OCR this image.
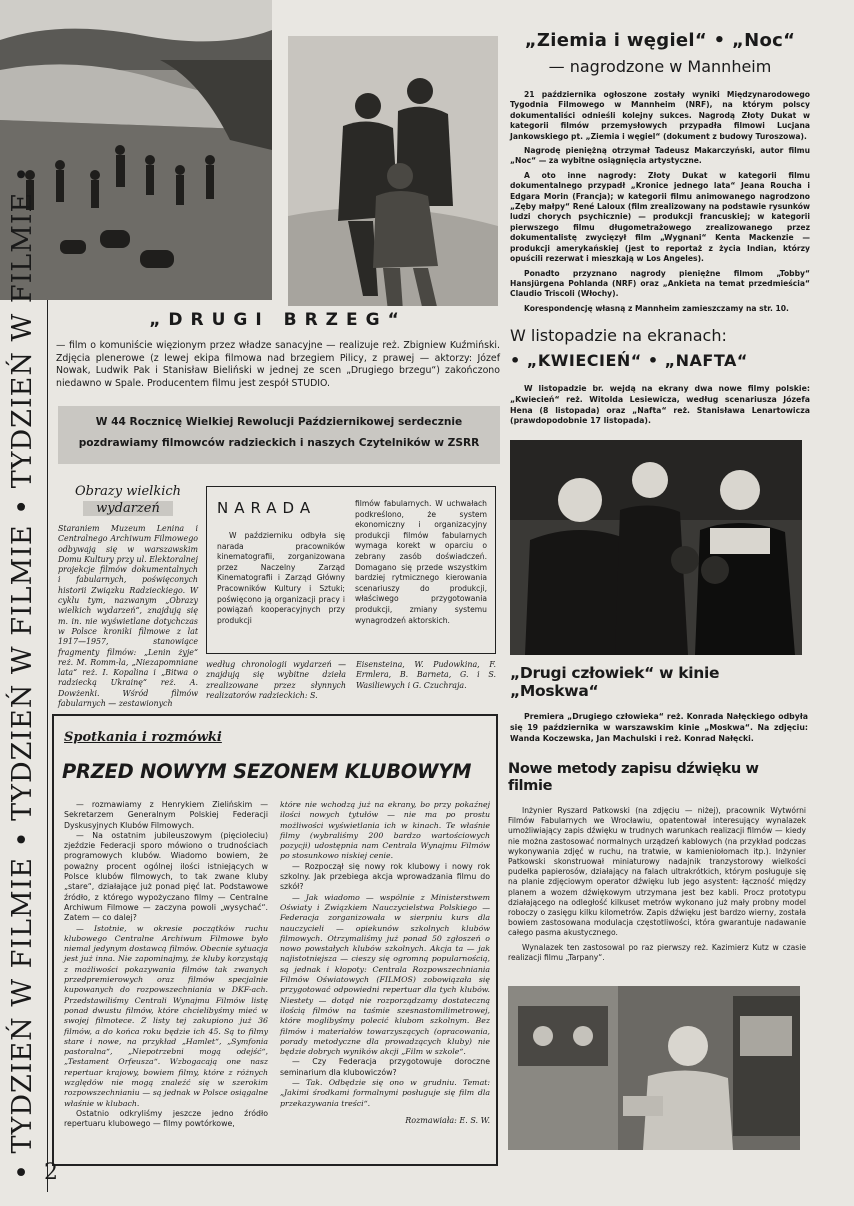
„Ziemia i węgiel“ • „Noc“
— nagrodzone w Mannheim

21 października ogłoszone zostały wyniki Międzynarodowego Tygodnia Filmowego w Mannheim (NRF), na którym polscy dokumentaliści odnieśli kolejny sukces. Nagrodą Złoty Dukat w kategorii filmów przemysłowych przypadła filmowi Lucjana Jankowskiego pt. „Ziemia i węgiel“ (dokument z budowy Turoszowa).

Nagrodę pieniężną otrzymał Tadeusz Makarczyński, autor filmu „Noc“ — za wybitne osiągnięcia artystyczne.

A oto inne nagrody: Złoty Dukat w kategorii filmu dokumentalnego przypadł „Kronice jednego lata“ Jeana Roucha i Edgara Morin (Francja); w kategorii filmu animowanego nagrodzono „Zęby małpy“ René Laloux (film zrealizowany na podstawie rysunków ludzi chorych psychicznie) — produkcji francuskiej; w kategorii pierwszego filmu długometrażowego zrealizowanego przez dokumentalistę zwycięzył film „Wygnani“ Kenta Mackenzie — produkcji amerykańskiej (jest to reportaż z życia Indian, którzy opuścili rezerwat i mieszkają w Los Angeles).

Ponadto przyznano nagrody pieniężne filmom „Tobby“ Hansjürgena Pohlanda (NRF) oraz „Ankieta na temat przedmieścia“ Claudio Triscoli (Włochy).

Korespondencję własną z Mannheim zamieszczamy na str. 10.

• TYDZIEŃ W FILMIE • TYDZIEŃ W FILMIE • TYDZIEŃ W FILMIE •	„DRUGI BRZEG“

— film o komuniście więzionym przez władze sanacyjne — realizuje reż. Zbigniew Kuźmiński. Zdjęcia plenerowe (z lewej ekipa filmowa nad brzegiem Pilicy, z prawej — aktorzy: Józef Nowak, Ludwik Pak i Stanisław Bieliński w jednej ze scen „Drugiego brzegu“) zakończono niedawno w Spale. Producentem filmu jest zespół STUDIO.

W 44 Rocznicę Wielkiej Rewolucji Październikowej serdecznie pozdrawiamy filmowców radzieckich i naszych Czytelników w ZSRR

Obrazy wielkich
wydarzeń

Staraniem Muzeum Lenina i Centralnego Archiwum Filmowego odbywają się w warszawskim Domu Kultury przy ul. Elektoralnej projekcje filmów dokumentalnych i fabularnych, poświęconych historii Związku Radzieckiego. W cyklu tym, nazwanym „Obrazy wielkich wydarzeń“, znajdują się m. in. nie wyświetlane dotychczas w Polsce kroniki filmowe z lat 1917—1957, stanowiące fragmenty filmów: „Lenin żyje“ reż. M. Romm-la, „Niezapomniane lata“ reż. I. Kopalina i „Bitwa o radziecką Ukrainę“ reż. A. Dowżenki. Wśród filmów fabularnych — zestawionych

NARADA

W październiku odbyła się narada pracowników kinematografii, zorganizowana przez Naczelny Zarząd Kinematografii i Zarząd Główny Pracowników Kultury i Sztuki; poświęcono ją organizacji pracy i powiązań kooperacyjnych przy produkcji

filmów fabularnych. W uchwałach podkreślono, że system ekonomiczny i organizacyjny produkcji filmów fabularnych wymaga korekt w oparciu o zebrany zasób doświadczeń. Domagano się przede wszystkim bardziej rytmicznego kierowania scenariuszy do produkcji, właściwego przygotowania produkcji, zmiany systemu wynagrodzeń aktorskich.

według chronologii wydarzeń — znajdują się wybitne dzieła zrealizowane przez słynnych realizatorów radzieckich: S.

Eisensteina, W. Pudowkina, F. Ermlera, B. Barneta, G. i S. Wasiliewych i G. Czuchraja.

Spotkania i rozmówki
PRZED NOWYM SEZONEM KLUBOWYM

— rozmawiamy z Henrykiem Zielińskim — Sekretarzem Generalnym Polskiej Federacji Dyskusyjnych Klubów Filmowych.

— Na ostatnim jubileuszowym (pięcioleciu) zjeździe Federacji sporo mówiono o trudnościach programowych klubów. Wiadomo bowiem, że poważny procent ogólnej ilości istniejących w Polsce klubów filmowych, to tak zwane kluby „stare“, działające już ponad pięć lat. Podstawowe źródło, z którego wypożyczano filmy — Centralne Archiwum Filmowe — zaczyna powoli „wysychać“. Zatem — co dalej?

— Istotnie, w okresie początków ruchu klubowego Centralne Archiwum Filmowe było niemal jedynym dostawcą filmów. Obecnie sytuacja jest już inna. Nie zapominajmy, że kluby korzystają z możliwości pokazywania filmów tak zwanych przedpremierowych oraz filmów specjalnie kupowanych do rozpowszechniania w DKF-ach. Przedstawiliśmy Centrali Wynajmu Filmów listę ponad dwustu filmów, które chcielibyśmy mieć w swojej filmotece. Z listy tej zakupiono już 36 filmów, a do końca roku będzie ich 45. Są to filmy stare i nowe, na przykład „Hamlet“, „Symfonia pastoralna“, „Niepotrzebni mogą odejść“, „Testament Orfeusza“. Wzbogacają one nasz repertuar krajowy, bowiem filmy, które z różnych względów nie mogą znaleźć się w szerokim rozpowszechnianiu — są jednak w Polsce osiągalne właśnie w klubach.

Ostatnio odkryliśmy jeszcze jedno źródło repertuaru klubowego — filmy powtórkowe,

które nie wchodzą już na ekrany, bo przy pokaźnej ilości nowych tytułów — nie ma po prostu możliwości wyświetlania ich w kinach. Te właśnie filmy (wybraliśmy 200 bardzo wartościowych pozycji) udostępnia nam Centrala Wynajmu Filmów po stosunkowo niskiej cenie.

— Rozpoczął się nowy rok klubowy i nowy rok szkolny. Jak przebiega akcja wprowadzania filmu do szkół?

— Jak wiadomo — wspólnie z Ministerstwem Oświaty i Związkiem Nauczycielstwa Polskiego — Federacja zorganizowała w sierpniu kurs dla nauczycieli — opiekunów szkolnych klubów filmowych. Otrzymaliśmy już ponad 50 zgłoszeń o nowo powstałych klubów szkolnych. Akcja ta — jak najistotniejsza — cieszy się ogromną popularnością, są jednak i kłopoty: Centrala Rozpowszechniania Filmów Oświatowych (FILMOS) zobowiązała się przygotować odpowiedni repertuar dla tych klubów. Niestety — dotąd nie rozporządzamy dostateczną ilością filmów na taśmie szesnastomilimetrowej, które moglibyśmy polecić klubom szkolnym. Bez filmów i materiałów towarzyszących (opracowania, porady metodyczne dla prowadzących kluby) nie będzie dobrych wyników akcji „Film w szkole“.

— Czy Federacja przygotowuje doroczne seminarium dla klubowiczów?

— Tak. Odbędzie się ono w grudniu. Temat: „Jakimi środkami formalnymi posługuje się film dla przekazywania treści“.

Rozmawiała: E. S. W.

W listopadzie na ekranach:
• „KWIECIEŃ“ • „NAFTA“

W listopadzie br. wejdą na ekrany dwa nowe filmy polskie: „Kwiecień“ reż. Witolda Lesiewicza, według scenariusza Józefa Hena (8 listopada) oraz „Nafta“ reż. Stanisława Lenartowicza (prawdopodobnie 17 listopada).

„Drugi człowiek“ w kinie „Moskwa“

Premiera „Drugiego człowieka“ reż. Konrada Nałęckiego odbyła się 19 października w warszawskim kinie „Moskwa“. Na zdjęciu: Wanda Koczewska, Jan Machulski i reż. Konrad Nałęcki.

Nowe metody zapisu dźwięku w filmie

Inżynier Ryszard Patkowski (na zdjęciu — niżej), pracownik Wytwórni Filmów Fabularnych we Wrocławiu, opatentował interesujący wynalazek umożliwiający zapis dźwięku w trudnych warunkach realizacji filmów — kiedy nie można zastosować normalnych urządzeń kablowych (na przykład podczas wykonywania zdjęć w ruchu, na tratwie, w kamieniołomach itp.). Inżynier Patkowski skonstruował miniaturowy nadajnik tranzystorowy wielkości pudełka papierosów, działający na falach ultrakrótkich, którym posługuje się na planie zdjęciowym operator dźwięku lub jego asystent: łączność między planem a wozem dźwiękowym utrzymana jest bez kabli. Procz prototypu działającego na odległość kilkuset metrów wykonano już mały probny model roboczy o zasięgu kilku kilometrów. Zapis dźwięku jest bardzo wierny, została bowiem zastosowana modulacja częstotliwości, która gwarantuje nadawanie całego pasma akustycznego.

Wynalazek ten zastosowal po raz pierwszy reż. Kazimierz Kutz w czasie realizacji filmu „Tarpany“.

2
